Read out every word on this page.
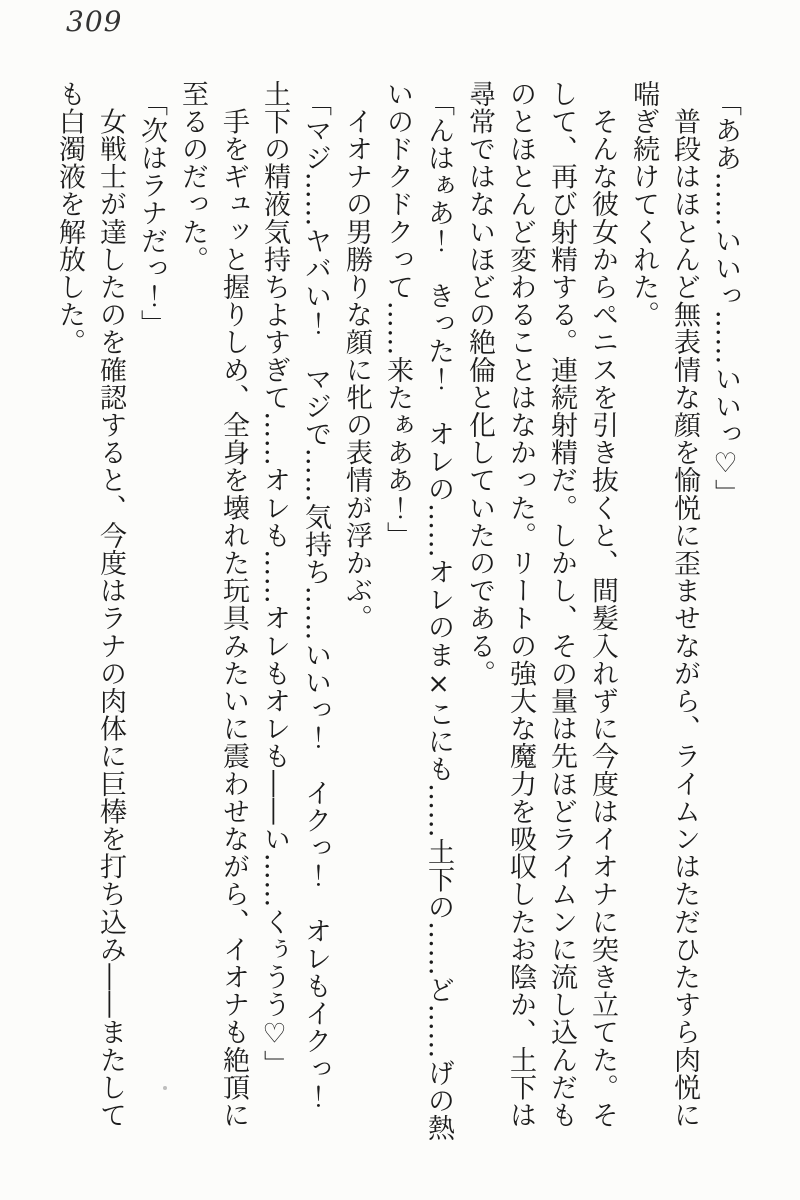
309

「ああ……いいっ……いいっ♡」

　普段はほとんど無表情な顔を愉悦に歪ませながら、ライムンはただひたすら肉悦に

喘ぎ続けてくれた。

　そんな彼女からペニスを引き抜くと、間髪入れずに今度はイオナに突き立てた。そ

して、再び射精する。連続射精だ。しかし、その量は先ほどライムンに流し込んだも

のとほとんど変わることはなかった。リートの強大な魔力を吸収したお陰か、土下は

尋常ではないほどの絶倫と化していたのである。

「んはぁあ！　きった！　オレの……オレのま×こにも……土下の……ど……げの熱

いのドクドクって……来たぁああ！」

　イオナの男勝りな顔に牝の表情が浮かぶ。

「マジ……ヤバい！　マジで……気持ち……いいっ！　イクっ！　オレもイクっ！

土下の精液気持ちよすぎて……オレも……オレもオレも――い……くぅうう♡」

　手をギュッと握りしめ、全身を壊れた玩具みたいに震わせながら、イオナも絶頂に

至るのだった。

「次はラナだっ！」

　女戦士が達したのを確認すると、今度はラナの肉体に巨棒を打ち込み――またして

も白濁液を解放した。
